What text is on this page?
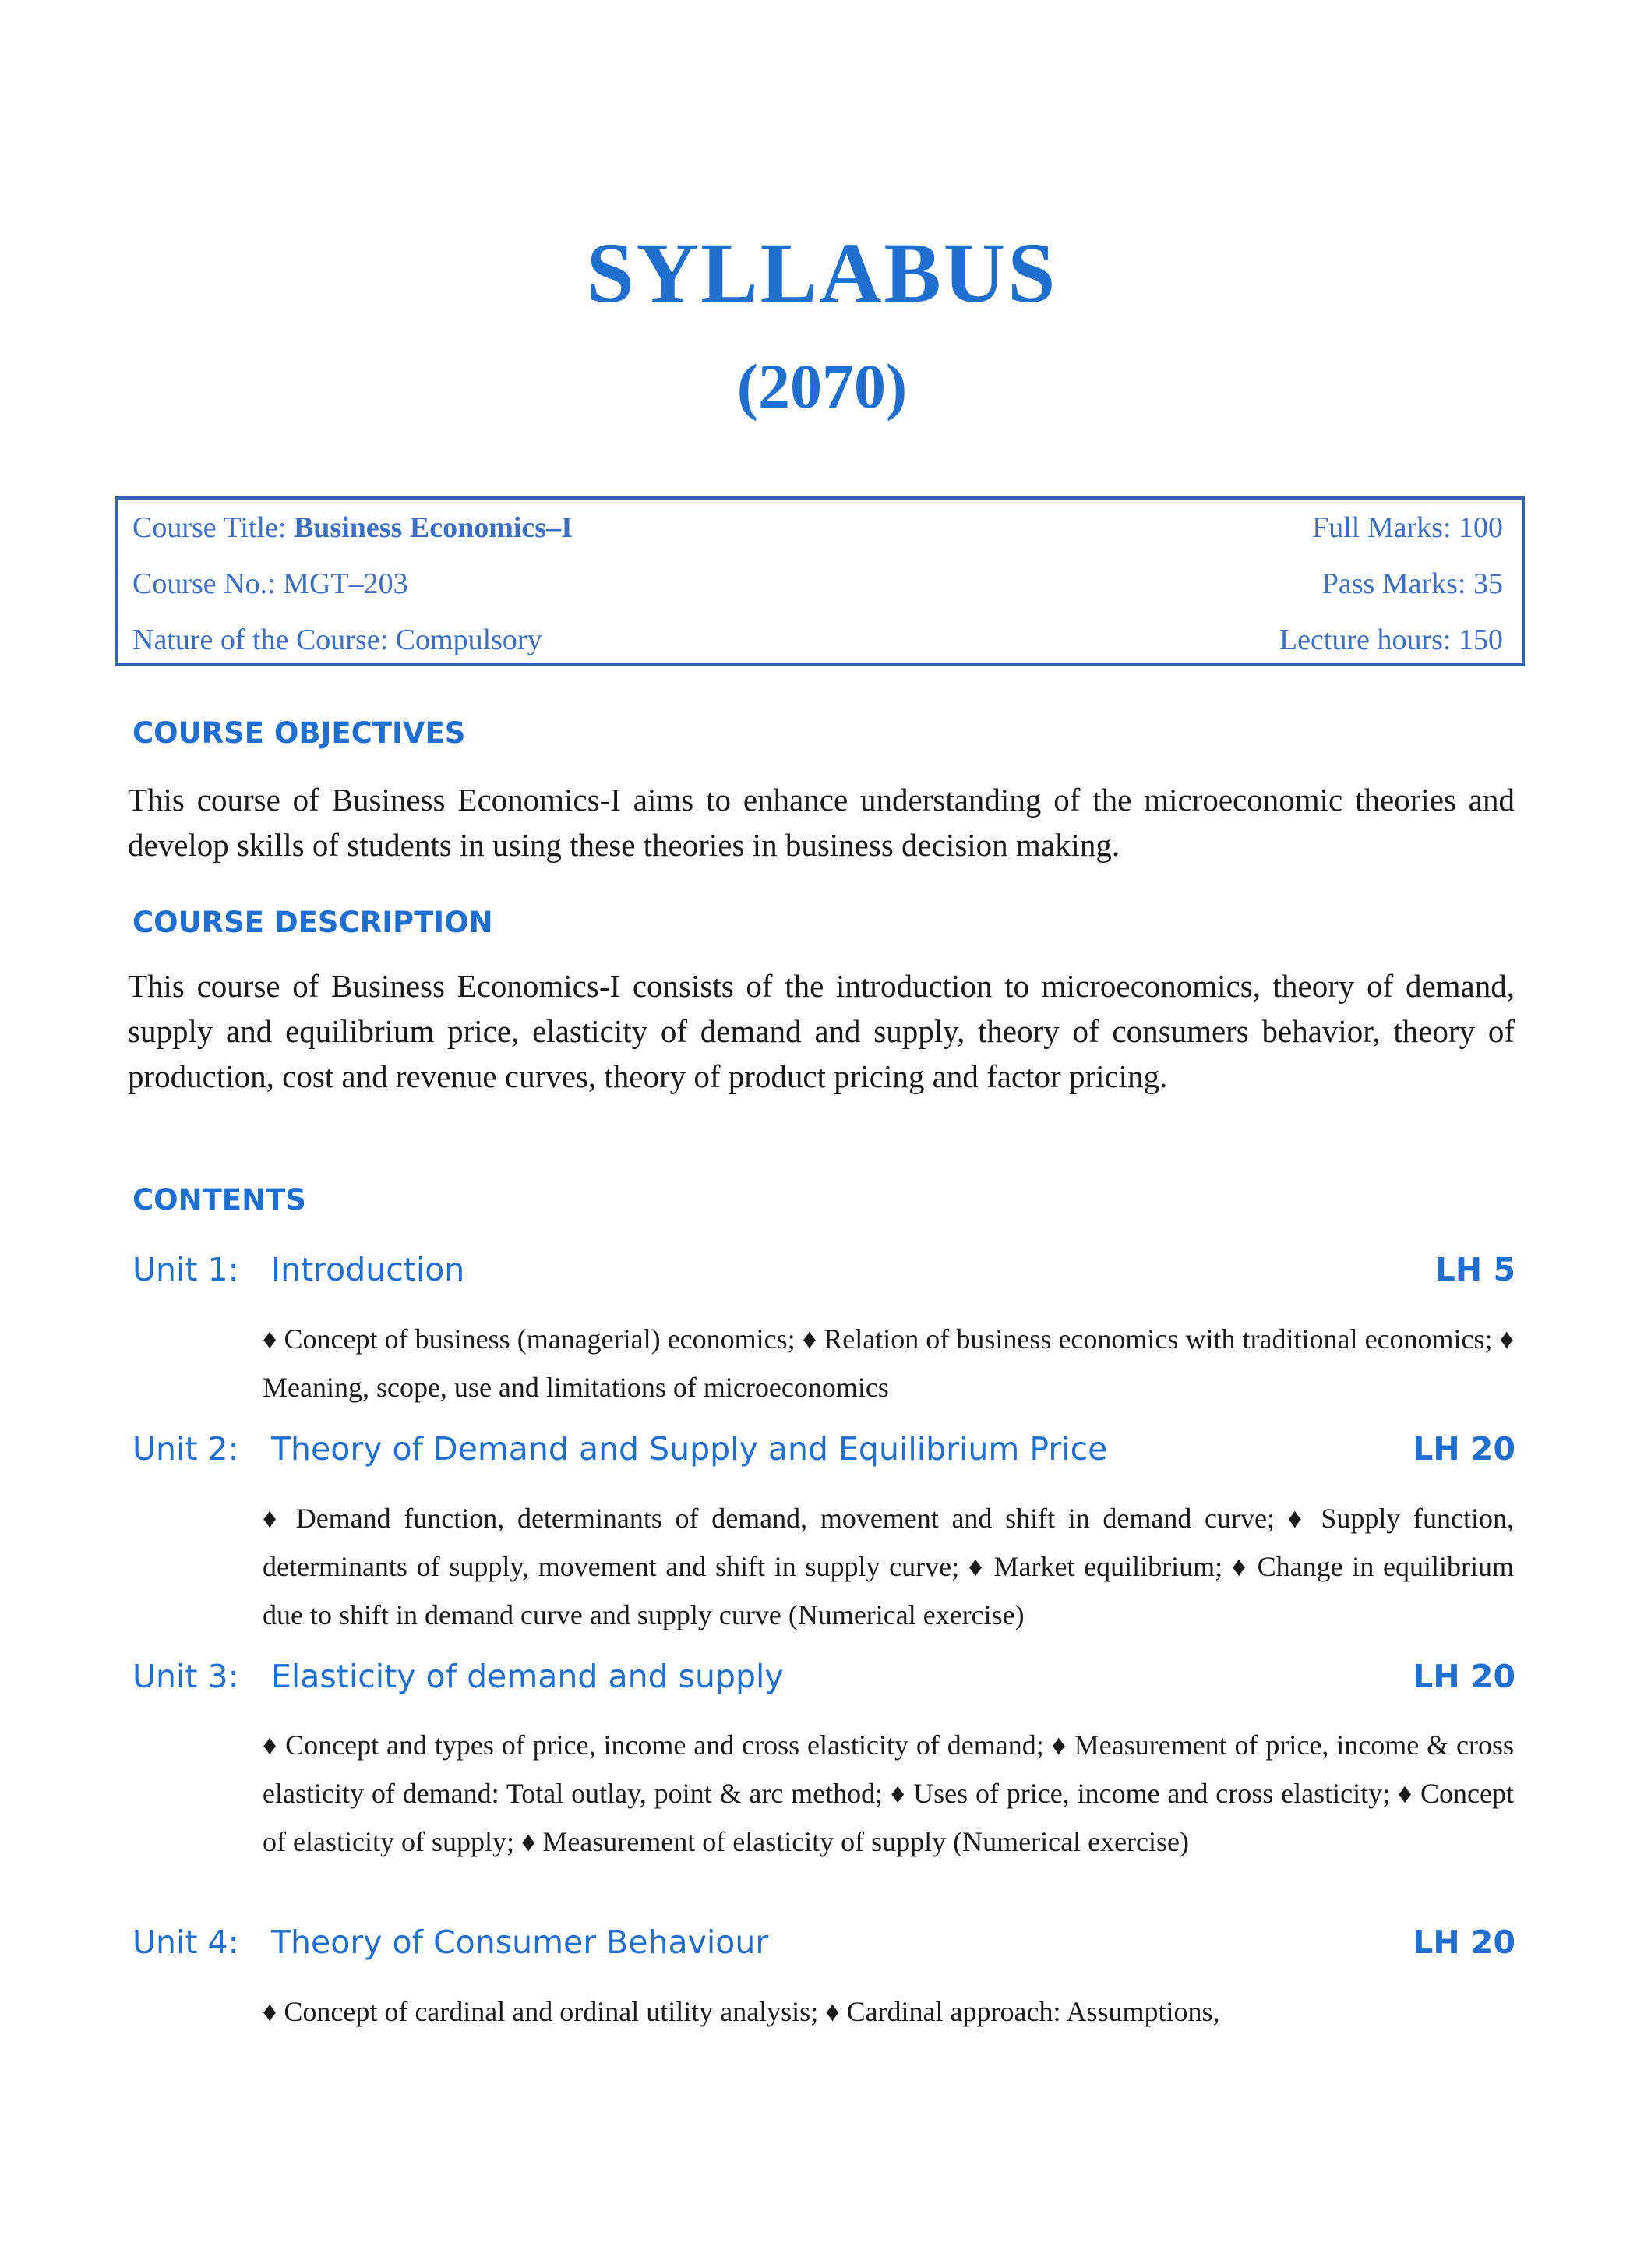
SYLLABUS
(2070)
Course Title: Business Economics–I	Full Marks: 100
Course No.: MGT–203	Pass Marks: 35
Nature of the Course: Compulsory	Lecture hours: 150
COURSE OBJECTIVES
This course of Business Economics-I aims to enhance understanding of the microeconomic theories and develop skills of students in using these theories in business decision making.
COURSE DESCRIPTION
This course of Business Economics-I consists of the introduction to microeconomics, theory of demand, supply and equilibrium price, elasticity of demand and supply, theory of consumers behavior, theory of production, cost and revenue curves, theory of product pricing and factor pricing.
CONTENTS
Unit 1: Introduction	LH 5
♦ Concept of business (managerial) economics; ♦ Relation of business economics with traditional economics; ♦ Meaning, scope, use and limitations of microeconomics
Unit 2: Theory of Demand and Supply and Equilibrium Price	LH 20
♦ Demand function, determinants of demand, movement and shift in demand curve; ♦ Supply function, determinants of supply, movement and shift in supply curve; ♦ Market equilibrium; ♦ Change in equilibrium due to shift in demand curve and supply curve (Numerical exercise)
Unit 3: Elasticity of demand and supply	LH 20
♦ Concept and types of price, income and cross elasticity of demand; ♦ Measurement of price, income & cross elasticity of demand: Total outlay, point & arc method; ♦ Uses of price, income and cross elasticity; ♦ Concept of elasticity of supply; ♦ Measurement of elasticity of supply (Numerical exercise)
Unit 4: Theory of Consumer Behaviour	LH 20
♦ Concept of cardinal and ordinal utility analysis; ♦ Cardinal approach: Assumptions,
